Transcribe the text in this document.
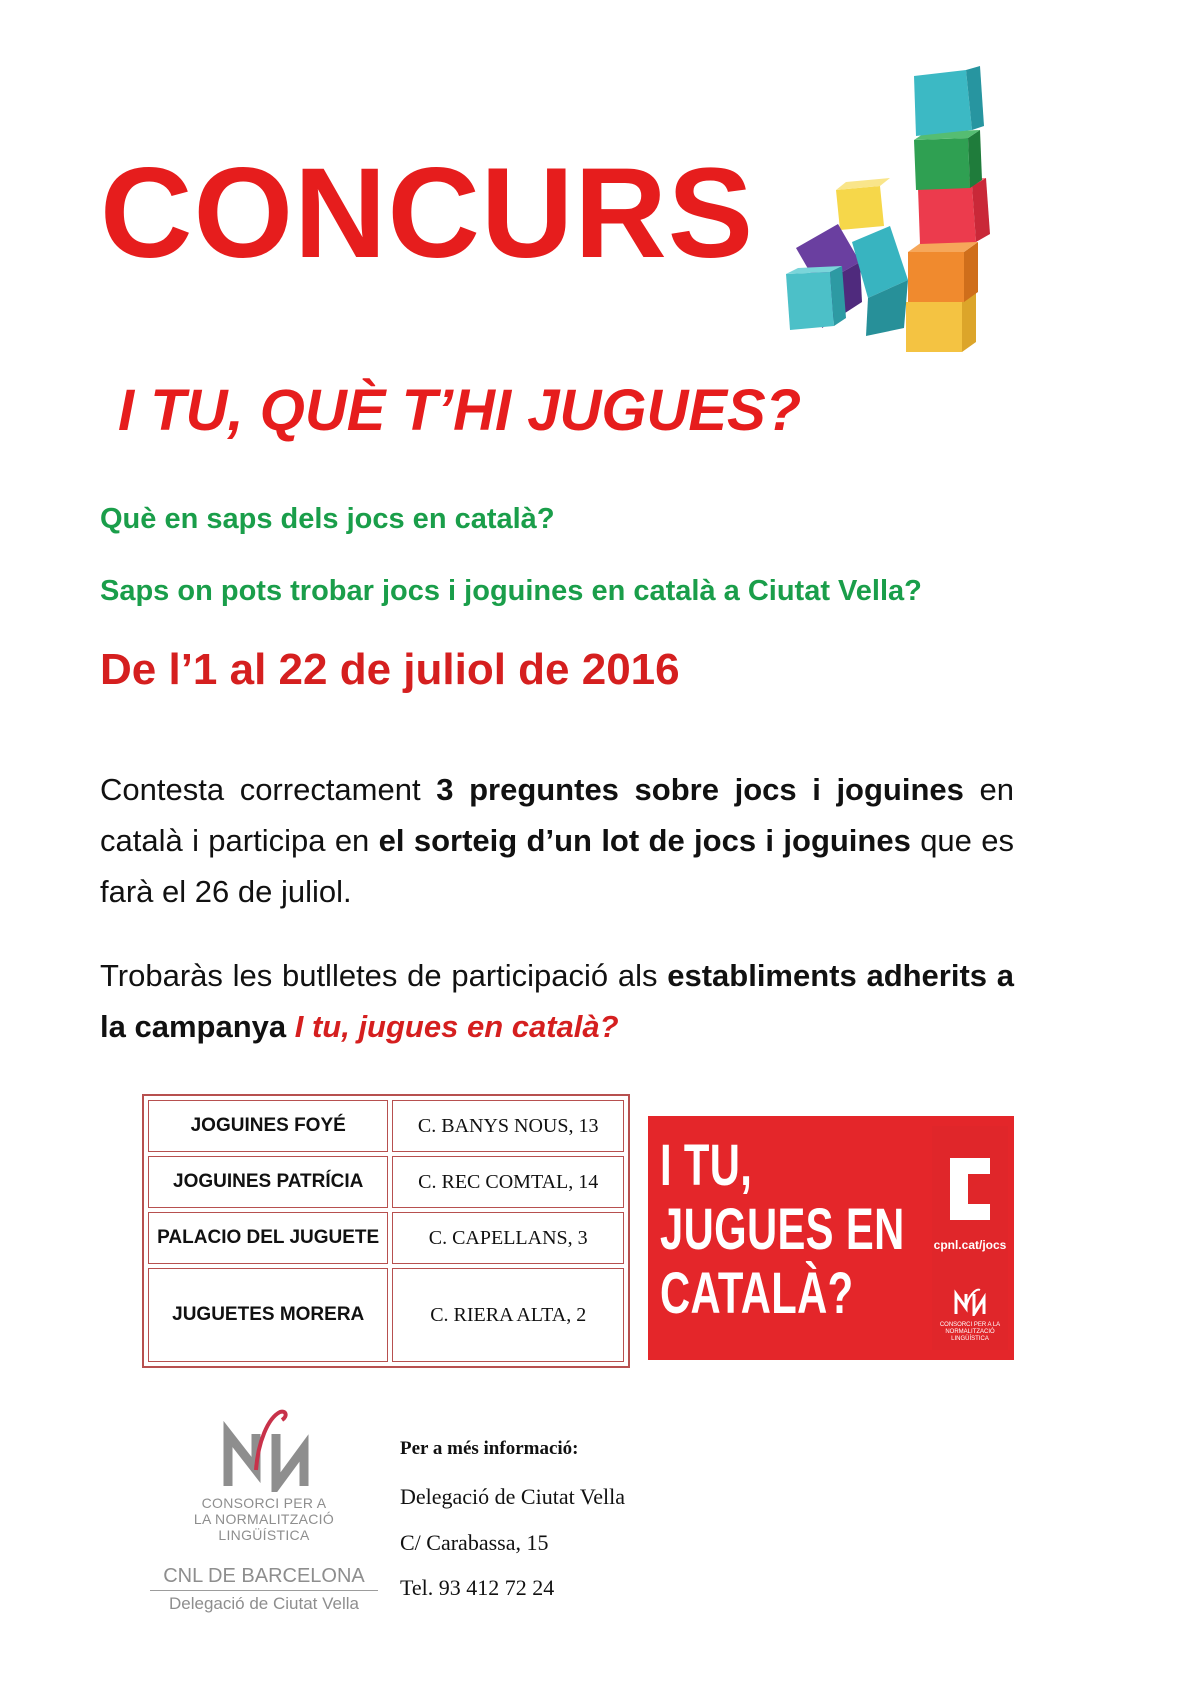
CONCURS
I TU, QUÈ T’HI JUGUES?

Què en saps dels jocs en català?

Saps on pots trobar jocs i joguines en català a Ciutat Vella?

De l’1 al 22 de juliol de 2016

Contesta correctament 3 preguntes sobre jocs i joguines en català i participa en el sorteig d’un lot de jocs i joguines que es farà el 26 de juliol.

Trobaràs les butlletes de participació als establiments adherits a la campanya I tu, jugues en català?

JOGUINES FOYÉ	C. BANYS NOUS, 13
JOGUINES PATRÍCIA	C. REC COMTAL, 14
PALACIO DEL JUGUETE	C. CAPELLANS, 3
JUGUETES MORERA	C. RIERA ALTA, 2
I TU,
JUGUES EN
CATALÀ?
cpnl.cat/jocs
CONSORCI PER A LA NORMALITZACIÓ LINGÜÍSTICA
CONSORCI PER A
LA NORMALITZACIÓ
LINGÜÍSTICA
CNL DE BARCELONA
Delegació de Ciutat Vella

Per a més informació:

Delegació de Ciutat Vella

C/ Carabassa, 15

Tel. 93 412 72 24
